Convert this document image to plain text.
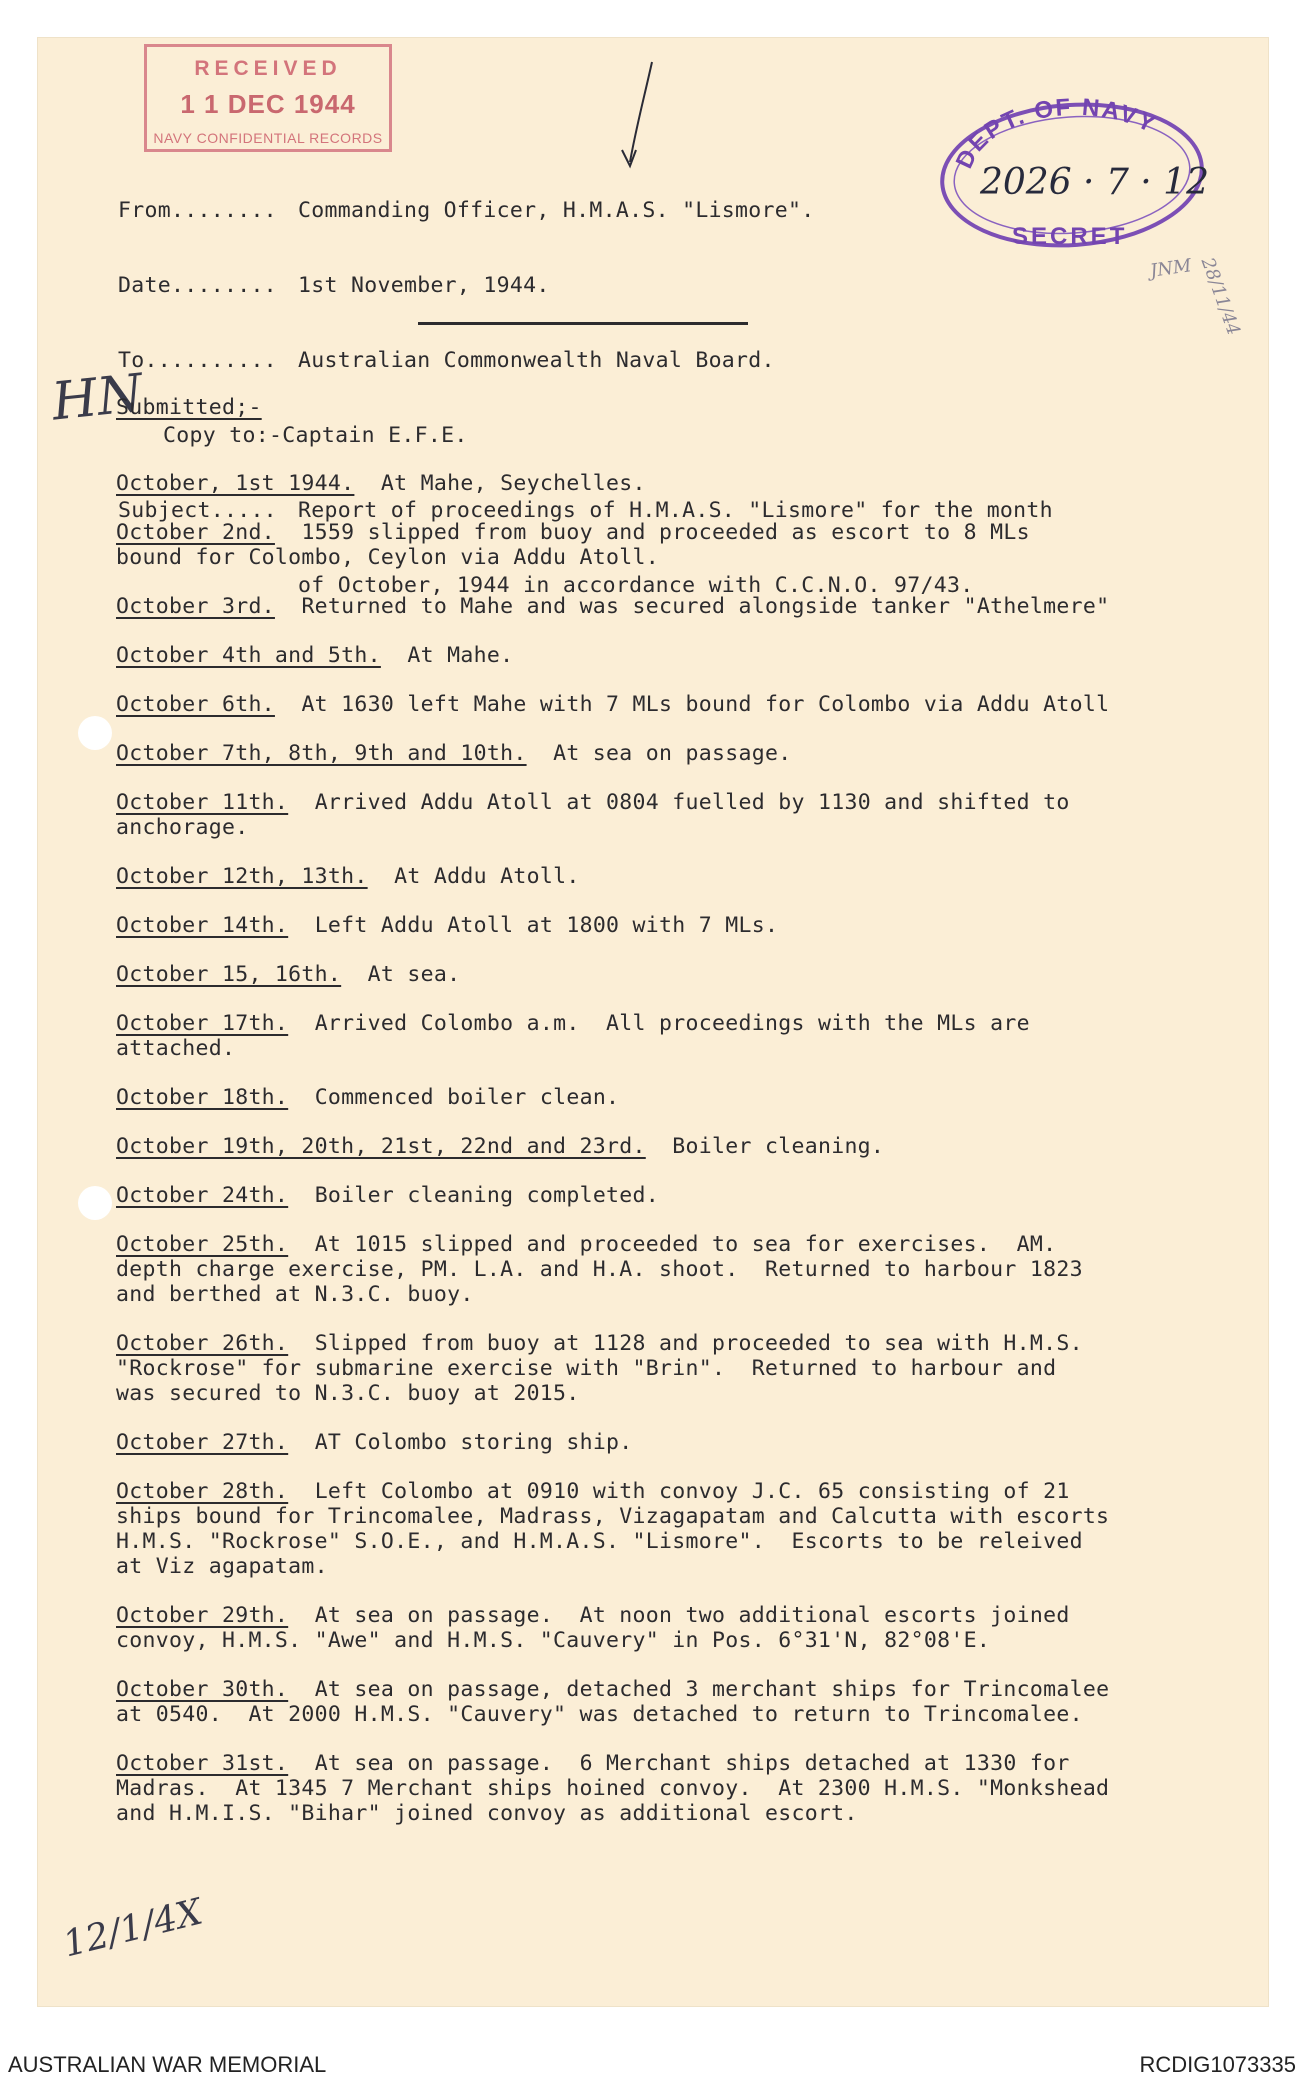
RECEIVED
1 1 DEC 1944
NAVY CONFIDENTIAL RECORDS
DEPT. OF NAVY
2026 · 7 · 12
SECRET

From........ Commanding Officer, H.M.A.S. "Lismore".

Date........ 1st November, 1944.

To.......... Australian Commonwealth Naval Board.

Copy to:- Captain E.F.E.

Subject..... Report of proceedings of H.M.A.S. "Lismore" for the month

of October, 1944 in accordance with C.C.N.O. 97/43.

HN
JNM 28/11/44
12/1/4X

Submitted;-

October, 1st 1944. At Mahe, Seychelles.
October 2nd. 1559 slipped from buoy and proceeded as escort to 8 MLs
bound for Colombo, Ceylon via Addu Atoll.
October 3rd. Returned to Mahe and was secured alongside tanker "Athelmere"
October 4th and 5th. At Mahe.
October 6th. At 1630 left Mahe with 7 MLs bound for Colombo via Addu Atoll
October 7th, 8th, 9th and 10th. At sea on passage.
October 11th. Arrived Addu Atoll at 0804 fuelled by 1130 and shifted to
anchorage.
October 12th, 13th. At Addu Atoll.
October 14th. Left Addu Atoll at 1800 with 7 MLs.
October 15, 16th. At sea.
October 17th. Arrived Colombo a.m.  All proceedings with the MLs are
attached.
October 18th. Commenced boiler clean.
October 19th, 20th, 21st, 22nd and 23rd. Boiler cleaning.
October 24th. Boiler cleaning completed.
October 25th. At 1015 slipped and proceeded to sea for exercises.  AM.
depth charge exercise, PM. L.A. and H.A. shoot.  Returned to harbour 1823
and berthed at N.3.C. buoy.
October 26th. Slipped from buoy at 1128 and proceeded to sea with H.M.S.
"Rockrose" for submarine exercise with "Brin".  Returned to harbour and
was secured to N.3.C. buoy at 2015.
October 27th. AT Colombo storing ship.
October 28th. Left Colombo at 0910 with convoy J.C. 65 consisting of 21
ships bound for Trincomalee, Madrass, Vizagapatam and Calcutta with escorts
H.M.S. "Rockrose" S.O.E., and H.M.A.S. "Lismore".  Escorts to be releived
at Viz agapatam.
October 29th. At sea on passage.  At noon two additional escorts joined
convoy, H.M.S. "Awe" and H.M.S. "Cauvery" in Pos. 6°31'N, 82°08'E.
October 30th. At sea on passage, detached 3 merchant ships for Trincomalee
at 0540.  At 2000 H.M.S. "Cauvery" was detached to return to Trincomalee.
October 31st. At sea on passage.  6 Merchant ships detached at 1330 for
Madras.  At 1345 7 Merchant ships hoined convoy.  At 2300 H.M.S. "Monkshead
and H.M.I.S. "Bihar" joined convoy as additional escort.
AUSTRALIAN WAR MEMORIAL	RCDIG1073335
